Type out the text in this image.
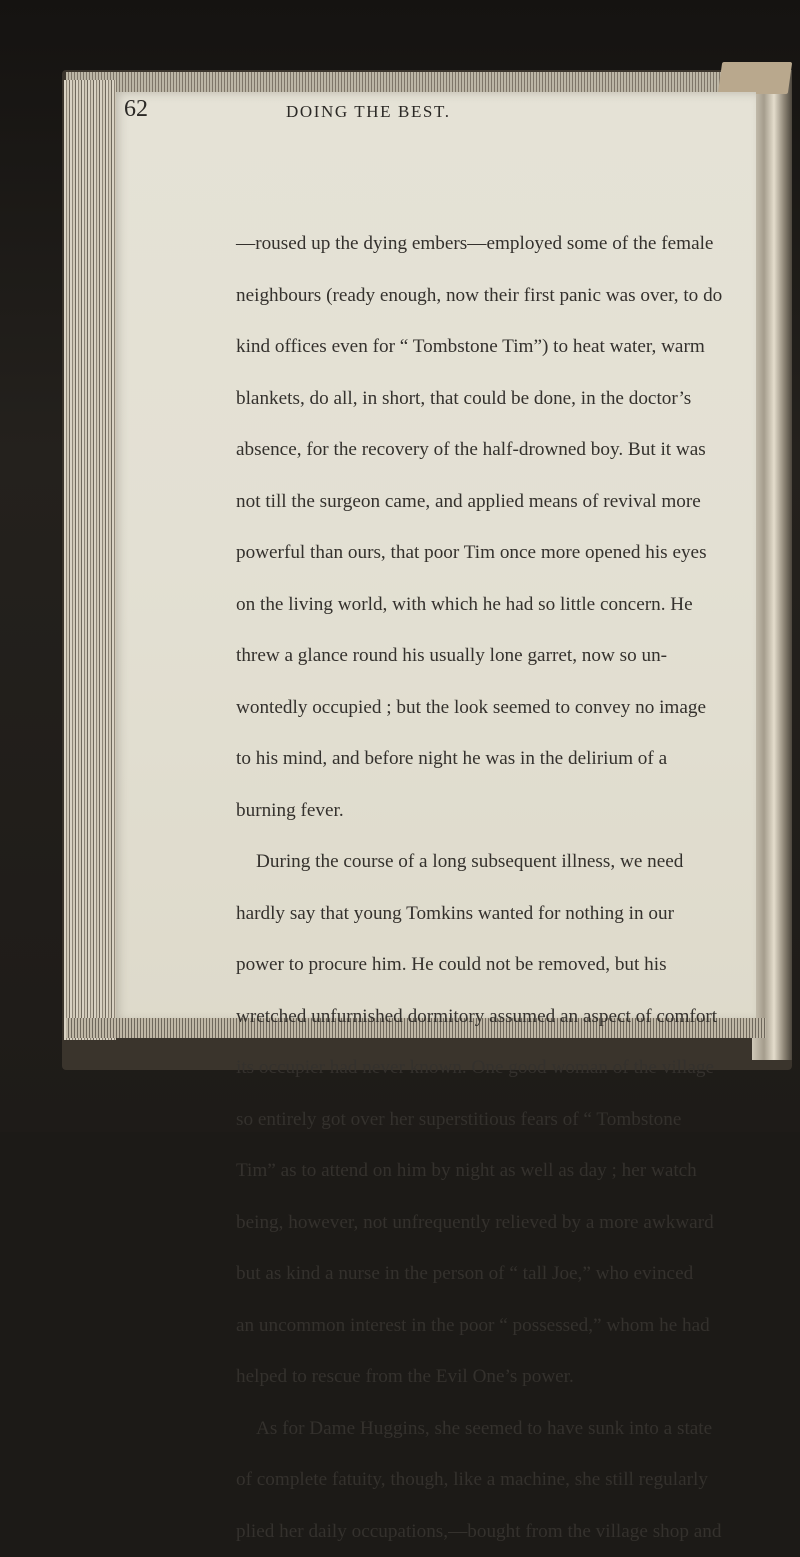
62	DOING THE BEST.
—roused up the dying embers—employed some of the female
neighbours (ready enough, now their first panic was over, to do
kind offices even for “ Tombstone Tim”) to heat water, warm
blankets, do all, in short, that could be done, in the doctor’s
absence, for the recovery of the half-drowned boy. But it was
not till the surgeon came, and applied means of revival more
powerful than ours, that poor Tim once more opened his eyes
on the living world, with which he had so little concern. He
threw a glance round his usually lone garret, now so un-
wontedly occupied ; but the look seemed to convey no image
to his mind, and before night he was in the delirium of a
burning fever.
During the course of a long subsequent illness, we need
hardly say that young Tomkins wanted for nothing in our
power to procure him. He could not be removed, but his
wretched unfurnished dormitory assumed an aspect of comfort
its occupier had never known. One good woman of the village
so entirely got over her superstitious fears of “ Tombstone
Tim” as to attend on him by night as well as day ; her watch
being, however, not unfrequently relieved by a more awkward
but as kind a nurse in the person of “ tall Joe,” who evinced
an uncommon interest in the poor “ possessed,” whom he had
helped to rescue from the Evil One’s power.
As for Dame Huggins, she seemed to have sunk into a state
of complete fatuity, though, like a machine, she still regularly
plied her daily occupations,—bought from the village shop and
